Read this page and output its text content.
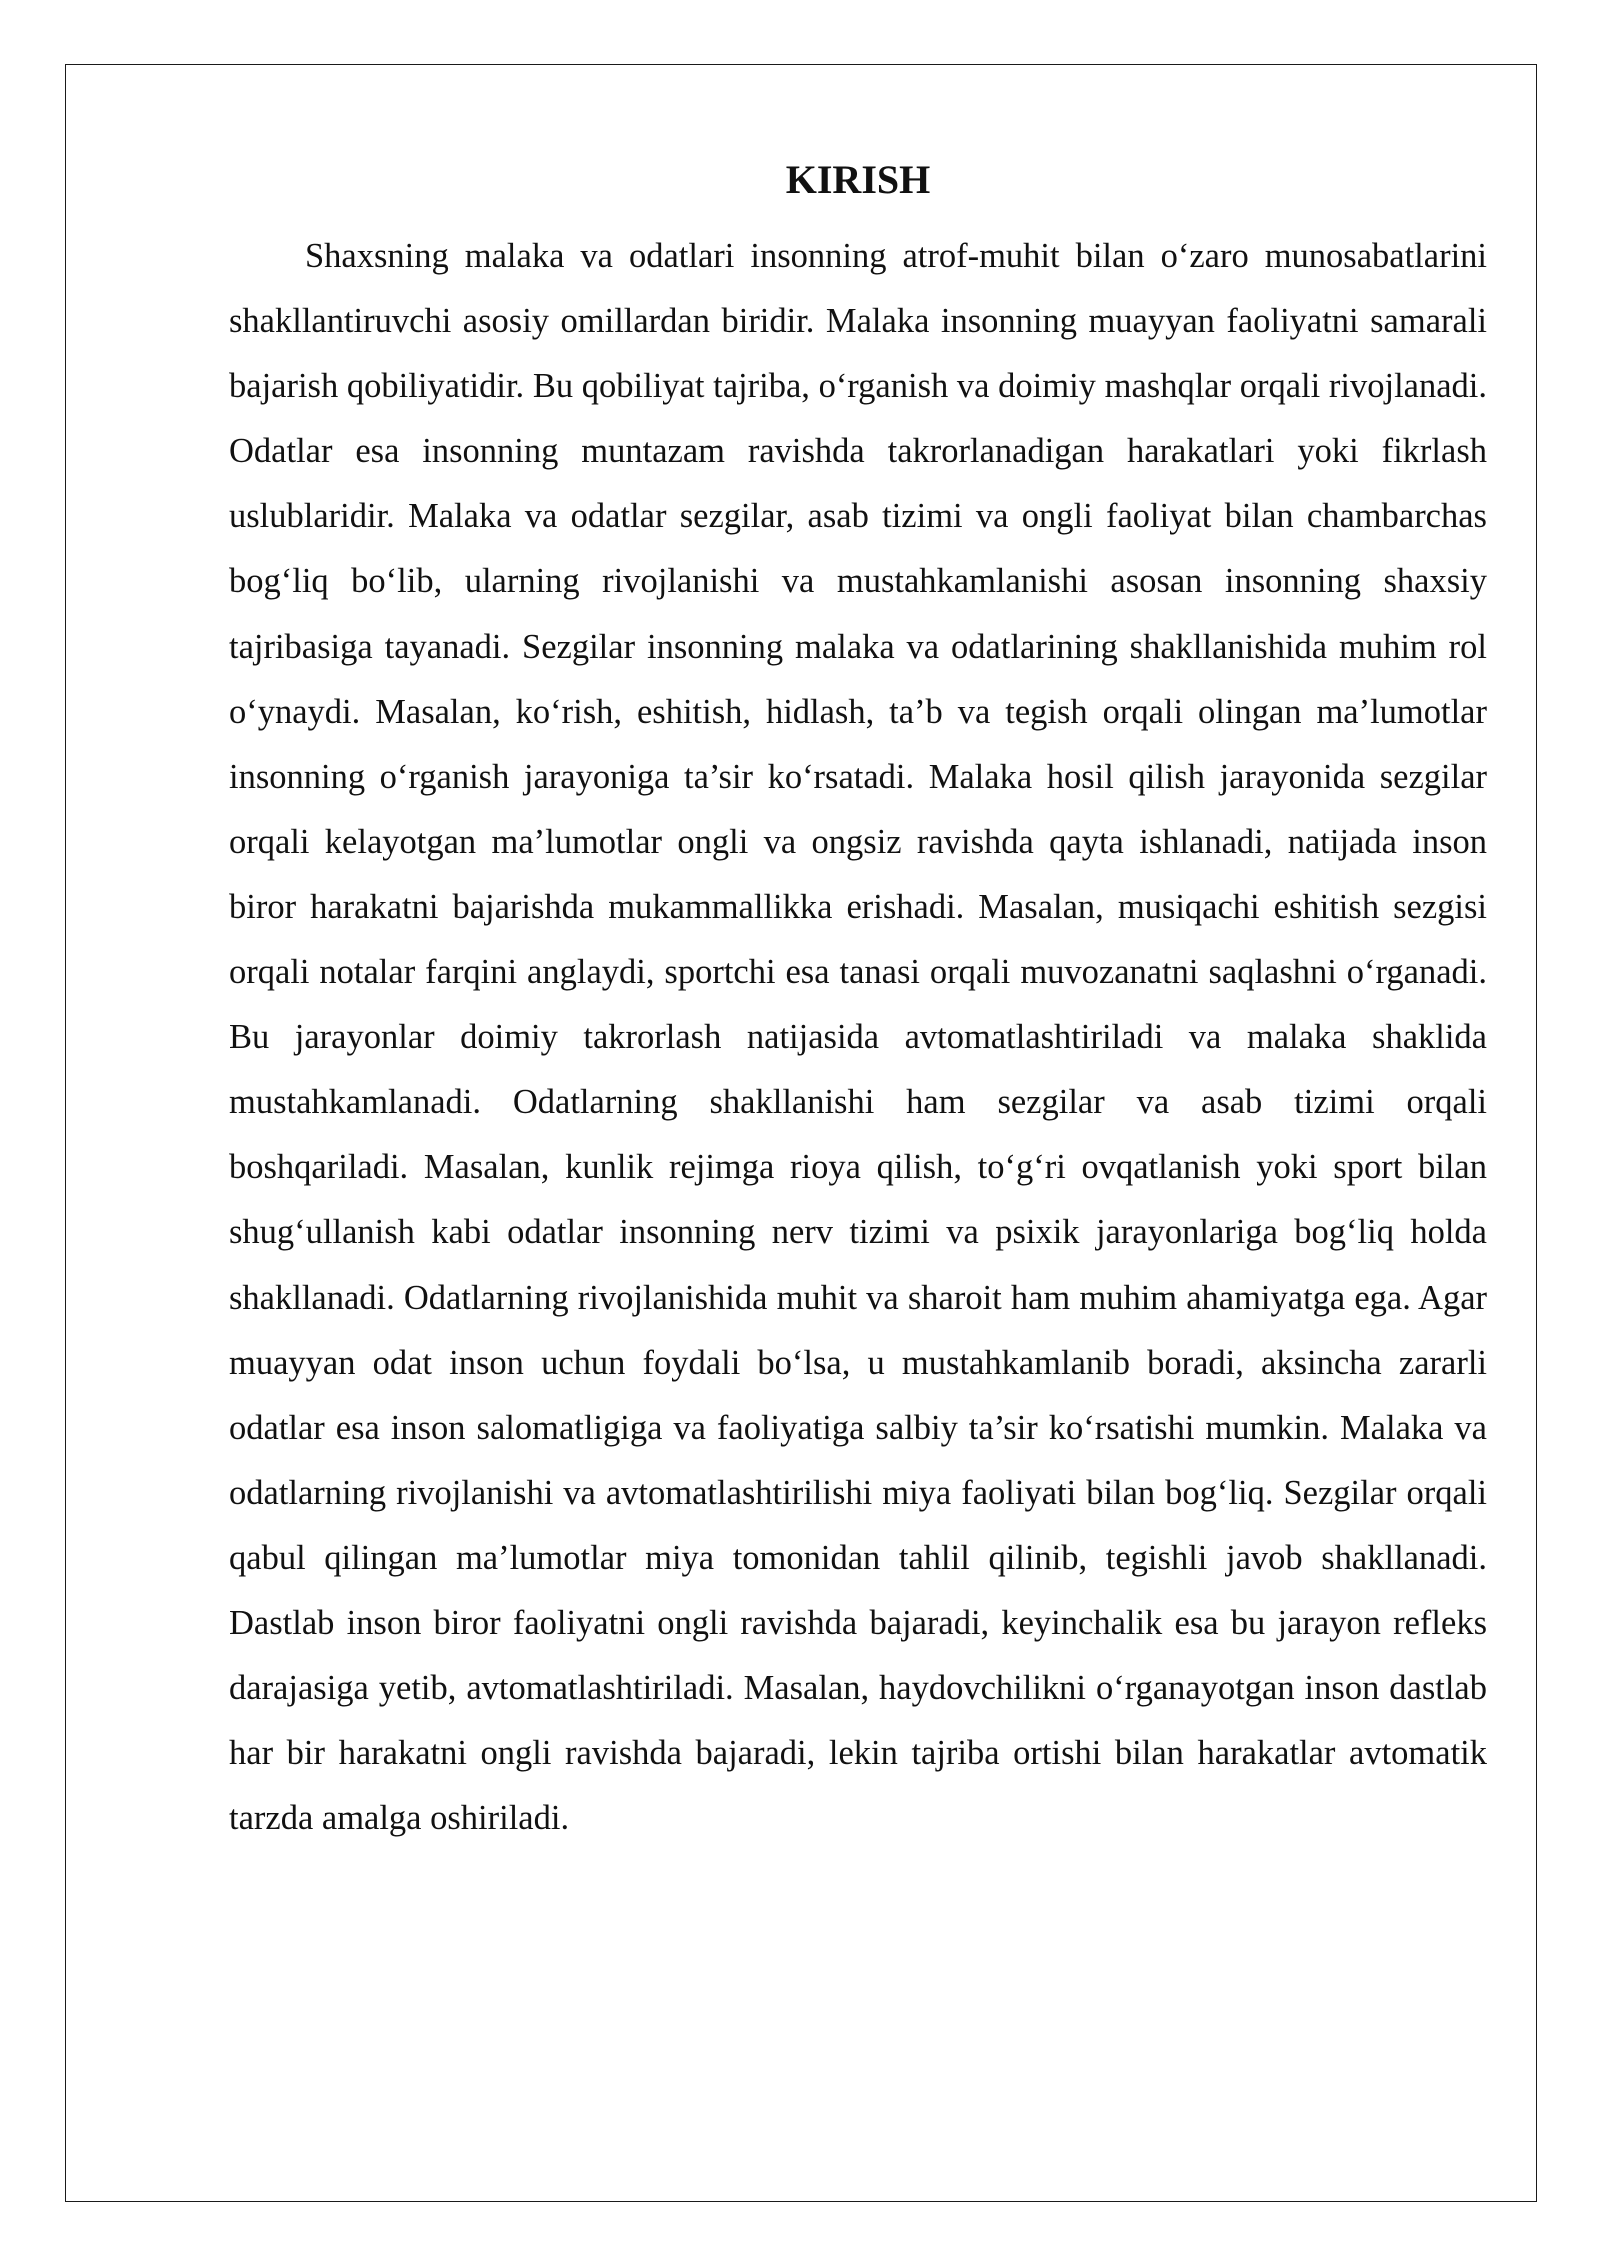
KIRISH

Shaxsning malaka va odatlari insonning atrof-muhit bilan o‘zaro munosabatlarini shakllantiruvchi asosiy omillardan biridir. Malaka insonning muayyan faoliyatni samarali bajarish qobiliyatidir. Bu qobiliyat tajriba, o‘rganish va doimiy mashqlar orqali rivojlanadi. Odatlar esa insonning muntazam ravishda takrorlanadigan harakatlari yoki fikrlash uslublaridir. Malaka va odatlar sezgilar, asab tizimi va ongli faoliyat bilan chambarchas bog‘liq bo‘lib, ularning rivojlanishi va mustahkamlanishi asosan insonning shaxsiy tajribasiga tayanadi. Sezgilar insonning malaka va odatlarining shakllanishida muhim rol o‘ynaydi. Masalan, ko‘rish, eshitish, hidlash, ta’b va tegish orqali olingan ma’lumotlar insonning o‘rganish jarayoniga ta’sir ko‘rsatadi. Malaka hosil qilish jarayonida sezgilar orqali kelayotgan ma’lumotlar ongli va ongsiz ravishda qayta ishlanadi, natijada inson biror harakatni bajarishda mukammallikka erishadi. Masalan, musiqachi eshitish sezgisi orqali notalar farqini anglaydi, sportchi esa tanasi orqali muvozanatni saqlashni o‘rganadi. Bu jarayonlar doimiy takrorlash natijasida avtomatlashtiriladi va malaka shaklida mustahkamlanadi. Odatlarning shakllanishi ham sezgilar va asab tizimi orqali boshqariladi. Masalan, kunlik rejimga rioya qilish, to‘g‘ri ovqatlanish yoki sport bilan shug‘ullanish kabi odatlar insonning nerv tizimi va psixik jarayonlariga bog‘liq holda shakllanadi. Odatlarning rivojlanishida muhit va sharoit ham muhim ahamiyatga ega. Agar muayyan odat inson uchun foydali bo‘lsa, u mustahkamlanib boradi, aksincha zararli odatlar esa inson salomatligiga va faoliyatiga salbiy ta’sir ko‘rsatishi mumkin. Malaka va odatlarning rivojlanishi va avtomatlashtirilishi miya faoliyati bilan bog‘liq. Sezgilar orqali qabul qilingan ma’lumotlar miya tomonidan tahlil qilinib, tegishli javob shakllanadi. Dastlab inson biror faoliyatni ongli ravishda bajaradi, keyinchalik esa bu jarayon refleks darajasiga yetib, avtomatlashtiriladi. Masalan, haydovchilikni o‘rganayotgan inson dastlab har bir harakatni ongli ravishda bajaradi, lekin tajriba ortishi bilan harakatlar avtomatik tarzda amalga oshiriladi.
